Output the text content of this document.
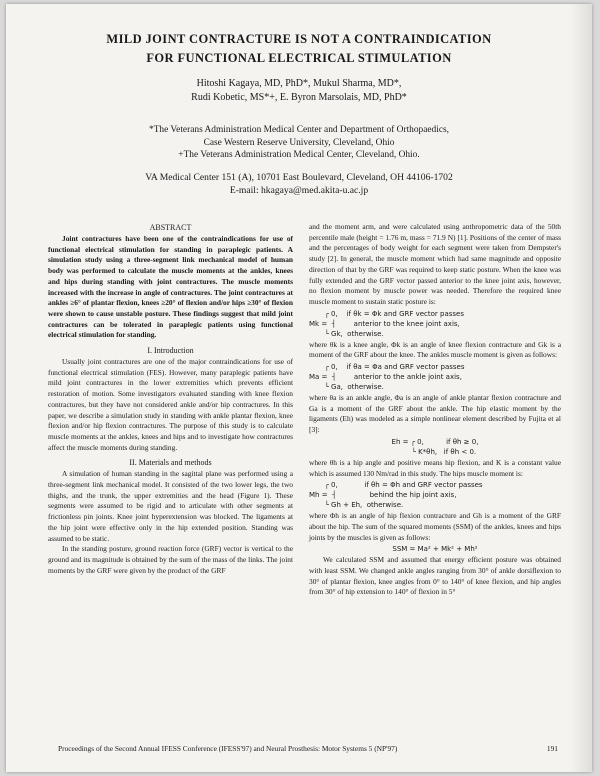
MILD JOINT CONTRACTURE IS NOT A CONTRAINDICATION
FOR FUNCTIONAL ELECTRICAL STIMULATION
Hitoshi Kagaya, MD, PhD*, Mukul Sharma, MD*,
Rudi Kobetic, MS*+, E. Byron Marsolais, MD, PhD*
*The Veterans Administration Medical Center and Department of Orthopaedics,
Case Western Reserve University, Cleveland, Ohio
+The Veterans Administration Medical Center, Cleveland, Ohio.
VA Medical Center 151 (A), 10701 East Boulevard, Cleveland, OH 44106-1702
E-mail: hkagaya@med.akita-u.ac.jp

ABSTRACT

Joint contractures have been one of the contraindications for use of functional electrical stimulation for standing in paraplegic patients. A simulation study using a three-segment link mechanical model of human body was performed to calculate the muscle moments at the ankles, knees and hips during standing with joint contractures. The muscle moments increased with the increase in angle of contractures. The joint contractures at ankles ≥6° of plantar flexion, knees ≥20° of flexion and/or hips ≥30° of flexion were shown to cause unstable posture. These findings suggest that mild joint contractures can be tolerated in paraplegic patients using functional electrical stimulation for standing.

I. Introduction

Usually joint contractures are one of the major contraindications for use of functional electrical stimulation (FES). However, many paraplegic patients have mild joint contractures in the lower extremities which prevents efficient restoration of motion. Some investigators evaluated standing with knee flexion contractures, but they have not considered ankle and/or hip contractures. In this paper, we describe a simulation study in standing with ankle plantar flexion, knee flexion and/or hip flexion contractures. The purpose of this study is to calculate muscle moments at the ankles, knees and hips and to investigate how contractures affect the muscle moments during standing.

II. Materials and methods

A simulation of human standing in the sagittal plane was performed using a three-segment link mechanical model. It consisted of the two lower legs, the two thighs, and the trunk, the upper extremities and the head (Figure 1). These segments were assumed to be rigid and to articulate with other segments at frictionless pin joints. Knee joint hyperextension was blocked. The ligaments at the hip joint were effective only in the hip extended position. Standing was assumed to be static.

In the standing posture, ground reaction force (GRF) vector is vertical to the ground and its magnitude is obtained by the sum of the mass of the links. The joint moments by the GRF were given by the product of the GRF

and the moment arm, and were calculated using anthropometric data of the 50th percentile male (height = 1.76 m, mass = 71.9 N) [1]. Positions of the center of mass and the percentages of body weight for each segment were taken from Dempster's study [2]. In general, the muscle moment which had same magnitude and opposite direction of that by the GRF was required to keep static posture. When the knee was fully extended and the GRF vector passed anterior to the knee joint axis, however, no flexion moment by muscle power was needed. Therefore the required knee muscle moment to sustain static posture is:

┌ 0,    if θk = Φk and GRF vector passes
Mk =  ┤        anterior to the knee joint axis,
└ Gk,  otherwise.

where θk is a knee angle, Φk is an angle of knee flexion contracture and Gk is a moment of the GRF about the knee. The ankles muscle moment is given as follows:

┌ 0,    if θa = Φa and GRF vector passes
Ma =  ┤        anterior to the ankle joint axis,
└ Ga,  otherwise.

where θa is an ankle angle, Φa is an angle of ankle plantar flexion contracture and Ga is a moment of the GRF about the ankle. The hip elastic moment by the ligaments (Eh) was modeled as a simple nonlinear element described by Fujita et al [3]:

Eh = ┌ 0,          if θh ≥ 0,
└ K*θh,   if θh < 0.

where θh is a hip angle and positive means hip flexion, and K is a constant value which is assumed 130 Nm/rad in this study. The hips muscle moment is:

┌ 0,            if θh = Φh and GRF vector passes
Mh =  ┤               behind the hip joint axis,
└ Gh + Eh,  otherwise.

where Φh is an angle of hip flexion contracture and Gh is a moment of the GRF about the hip. The sum of the squared moments (SSM) of the ankles, knees and hips joints by the muscles is given as follows:

SSM = Ma² + Mk² + Mh²

We calculated SSM and assumed that energy efficient posture was obtained with least SSM. We changed ankle angles ranging from 30° of ankle dorsiflexion to 30° of plantar flexion, knee angles from 0° to 140° of knee flexion, and hip angles from 30° of hip extension to 140° of flexion in 5°

Proceedings of the Second Annual IFESS Conference (IFESS'97) and Neural Prosthesis: Motor Systems 5 (NP'97)	191
